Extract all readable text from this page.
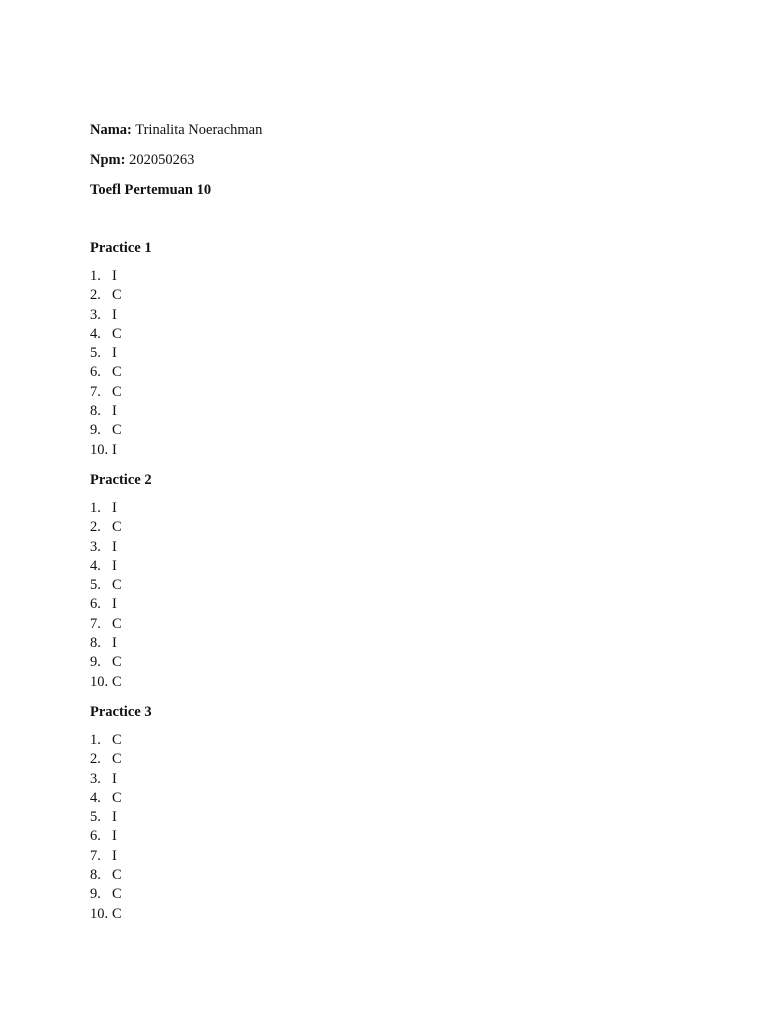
Nama: Trinalita Noerachman
Npm: 202050263
Toefl Pertemuan 10
Practice 1
1. I
2. C
3. I
4. C
5. I
6. C
7. C
8. I
9. C
10. I
Practice 2
1. I
2. C
3. I
4. I
5. C
6. I
7. C
8. I
9. C
10. C
Practice 3
1. C
2. C
3. I
4. C
5. I
6. I
7. I
8. C
9. C
10. C
